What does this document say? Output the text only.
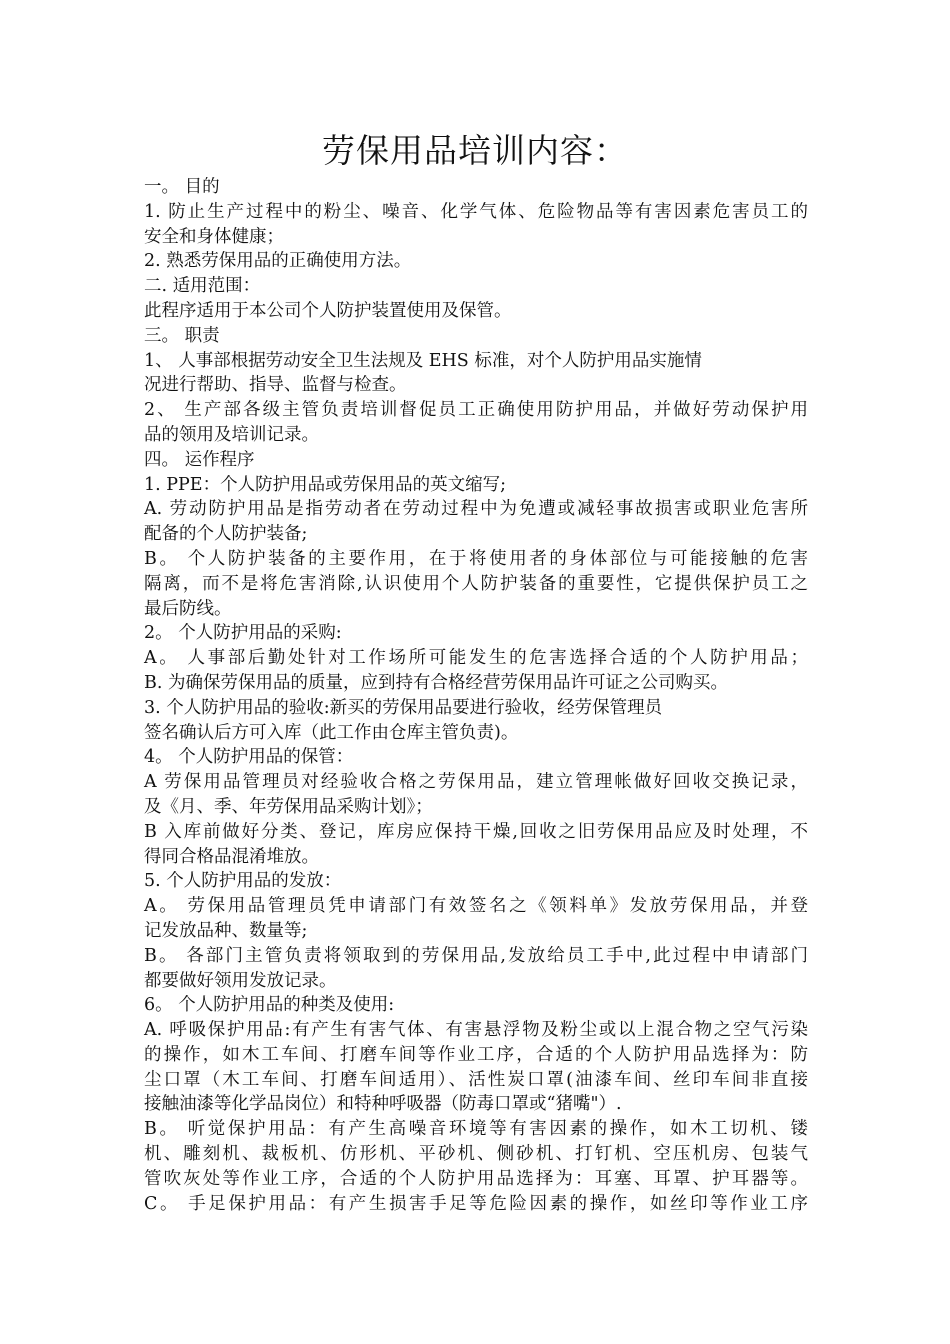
劳保用品培训内容：
一。 目的
1. 防止生产过程中的粉尘、噪音、化学气体、危险物品等有害因素危害员工的
安全和身体健康；
2. 熟悉劳保用品的正确使用方法。
二. 适用范围：
此程序适用于本公司个人防护装置使用及保管。
三。 职责
1、 人事部根据劳动安全卫生法规及 EHS 标准，对个人防护用品实施情
况进行帮助、指导、监督与检查。
2、 生产部各级主管负责培训督促员工正确使用防护用品，并做好劳动保护用
品的领用及培训记录。
四。 运作程序
1. PPE：个人防护用品或劳保用品的英文缩写;
A. 劳动防护用品是指劳动者在劳动过程中为免遭或减轻事故损害或职业危害所
配备的个人防护装备;
B。 个人防护装备的主要作用，在于将使用者的身体部位与可能接触的危害
隔离，而不是将危害消除,认识使用个人防护装备的重要性，它提供保护员工之
最后防线。
2。 个人防护用品的采购:
A。 人事部后勤处针对工作场所可能发生的危害选择合适的个人防护用品；
B. 为确保劳保用品的质量，应到持有合格经营劳保用品许可证之公司购买。
3. 个人防护用品的验收:新买的劳保用品要进行验收，经劳保管理员
签名确认后方可入库（此工作由仓库主管负责)。
4。 个人防护用品的保管：
A 劳保用品管理员对经验收合格之劳保用品，建立管理帐做好回收交换记录，
及《月、季、年劳保用品采购计划》；
B 入库前做好分类、登记，库房应保持干燥,回收之旧劳保用品应及时处理，不
得同合格品混淆堆放。
5. 个人防护用品的发放：
A。 劳保用品管理员凭申请部门有效签名之《领料单》发放劳保用品，并登
记发放品种、数量等;
B。 各部门主管负责将领取到的劳保用品,发放给员工手中,此过程中申请部门
都要做好领用发放记录。
6。 个人防护用品的种类及使用:
A. 呼吸保护用品:有产生有害气体、有害悬浮物及粉尘或以上混合物之空气污染
的操作，如木工车间、打磨车间等作业工序，合适的个人防护用品选择为：防
尘口罩（木工车间、打磨车间适用）、活性炭口罩(油漆车间、丝印车间非直接
接触油漆等化学品岗位）和特种呼吸器（防毒口罩或“猪嘴"）.
B。 听觉保护用品：有产生高噪音环境等有害因素的操作，如木工切机、镂
机、雕刻机、裁板机、仿形机、平砂机、侧砂机、打钉机、空压机房、包装气
管吹灰处等作业工序，合适的个人防护用品选择为：耳塞、耳罩、护耳器等。
C。 手足保护用品：有产生损害手足等危险因素的操作，如丝印等作业工序
